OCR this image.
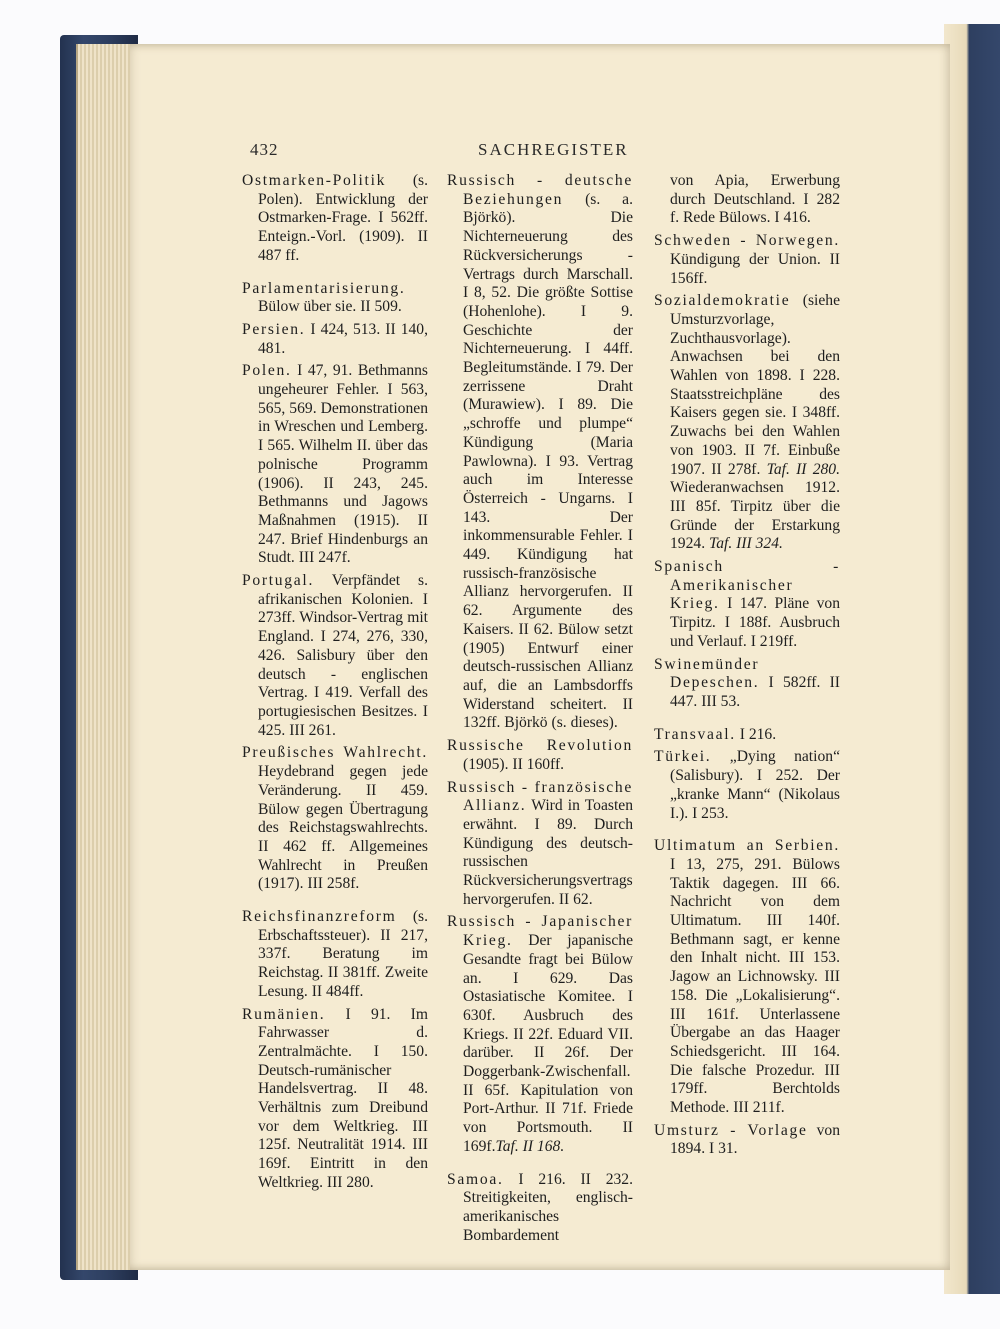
432	SACHREGISTER

Ostmarken-Politik (s. Polen). Entwicklung der Ostmarken-Frage. I 562ff. Enteign.-Vorl. (1909). II 487 ff.

Parlamentarisierung. Bülow über sie. II 509.

Persien. I 424, 513. II 140, 481.

Polen. I 47, 91. Bethmanns ungeheurer Fehler. I 563, 565, 569. Demonstrationen in Wreschen und Lemberg. I 565. Wilhelm II. über das polnische Programm (1906). II 243, 245. Bethmanns und Jagows Maßnahmen (1915). II 247. Brief Hindenburgs an Studt. III 247f.

Portugal. Verpfändet s. afrikanischen Kolonien. I 273ff. Windsor-Vertrag mit England. I 274, 276, 330, 426. Salisbury über den deutsch - englischen Vertrag. I 419. Verfall des portugiesischen Besitzes. I 425. III 261.

Preußisches Wahlrecht. Heydebrand gegen jede Veränderung. II 459. Bülow gegen Übertragung des Reichstagswahlrechts. II 462 ff. Allgemeines Wahlrecht in Preußen (1917). III 258f.

Reichsfinanzreform (s. Erbschaftssteuer). II 217, 337f. Beratung im Reichstag. II 381ff. Zweite Lesung. II 484ff.

Rumänien. I 91. Im Fahrwasser d. Zentralmächte. I 150. Deutsch-rumänischer Handelsvertrag. II 48. Verhältnis zum Dreibund vor dem Weltkrieg. III 125f. Neutralität 1914. III 169f. Eintritt in den Weltkrieg. III 280.

Russisch - deutsche Beziehungen (s. a. Björkö). Die Nichterneuerung des Rückversicherungs - Vertrags durch Marschall. I 8, 52. Die größte Sottise (Hohenlohe). I 9. Geschichte der Nichterneuerung. I 44ff. Begleitumstände. I 79. Der zerrissene Draht (Murawiew). I 89. Die „schroffe und plumpe“ Kündigung (Maria Pawlowna). I 93. Vertrag auch im Interesse Österreich - Ungarns. I 143. Der inkommensurable Fehler. I 449. Kündigung hat russisch-französische Allianz hervorgerufen. II 62. Argumente des Kaisers. II 62. Bülow setzt (1905) Entwurf einer deutsch-russischen Allianz auf, die an Lambsdorffs Widerstand scheitert. II 132ff. Björkö (s. dieses).

Russische Revolution (1905). II 160ff.

Russisch - französische Allianz. Wird in Toasten erwähnt. I 89. Durch Kündigung des deutsch-russischen Rückversicherungsvertrags hervorgerufen. II 62.

Russisch - Japanischer Krieg. Der japanische Gesandte fragt bei Bülow an. I 629. Das Ostasiatische Komitee. I 630f. Ausbruch des Kriegs. II 22f. Eduard VII. darüber. II 26f. Der Doggerbank-Zwischenfall. II 65f. Kapitulation von Port-Arthur. II 71f. Friede von Portsmouth. II 169f.Taf. II 168.

Samoa. I 216. II 232. Streitigkeiten, englisch-amerikanisches Bombardement

von Apia, Erwerbung durch Deutschland. I 282 f. Rede Bülows. I 416.

Schweden - Norwegen. Kündigung der Union. II 156ff.

Sozialdemokratie (siehe Umsturzvorlage, Zuchthausvorlage). Anwachsen bei den Wahlen von 1898. I 228. Staatsstreichpläne des Kaisers gegen sie. I 348ff. Zuwachs bei den Wahlen von 1903. II 7f. Einbuße 1907. II 278f. Taf. II 280. Wiederanwachsen 1912. III 85f. Tirpitz über die Gründe der Erstarkung 1924. Taf. III 324.

Spanisch - Amerikanischer Krieg. I 147. Pläne von Tirpitz. I 188f. Ausbruch und Verlauf. I 219ff.

Swinemünder Depeschen. I 582ff. II 447. III 53.

Transvaal. I 216.

Türkei. „Dying nation“ (Salisbury). I 252. Der „kranke Mann“ (Nikolaus I.). I 253.

Ultimatum an Serbien. I 13, 275, 291. Bülows Taktik dagegen. III 66. Nachricht von dem Ultimatum. III 140f. Bethmann sagt, er kenne den Inhalt nicht. III 153. Jagow an Lichnowsky. III 158. Die „Lokalisierung“. III 161f. Unterlassene Übergabe an das Haager Schiedsgericht. III 164. Die falsche Prozedur. III 179ff. Berchtolds Methode. III 211f.

Umsturz - Vorlage von 1894. I 31.
